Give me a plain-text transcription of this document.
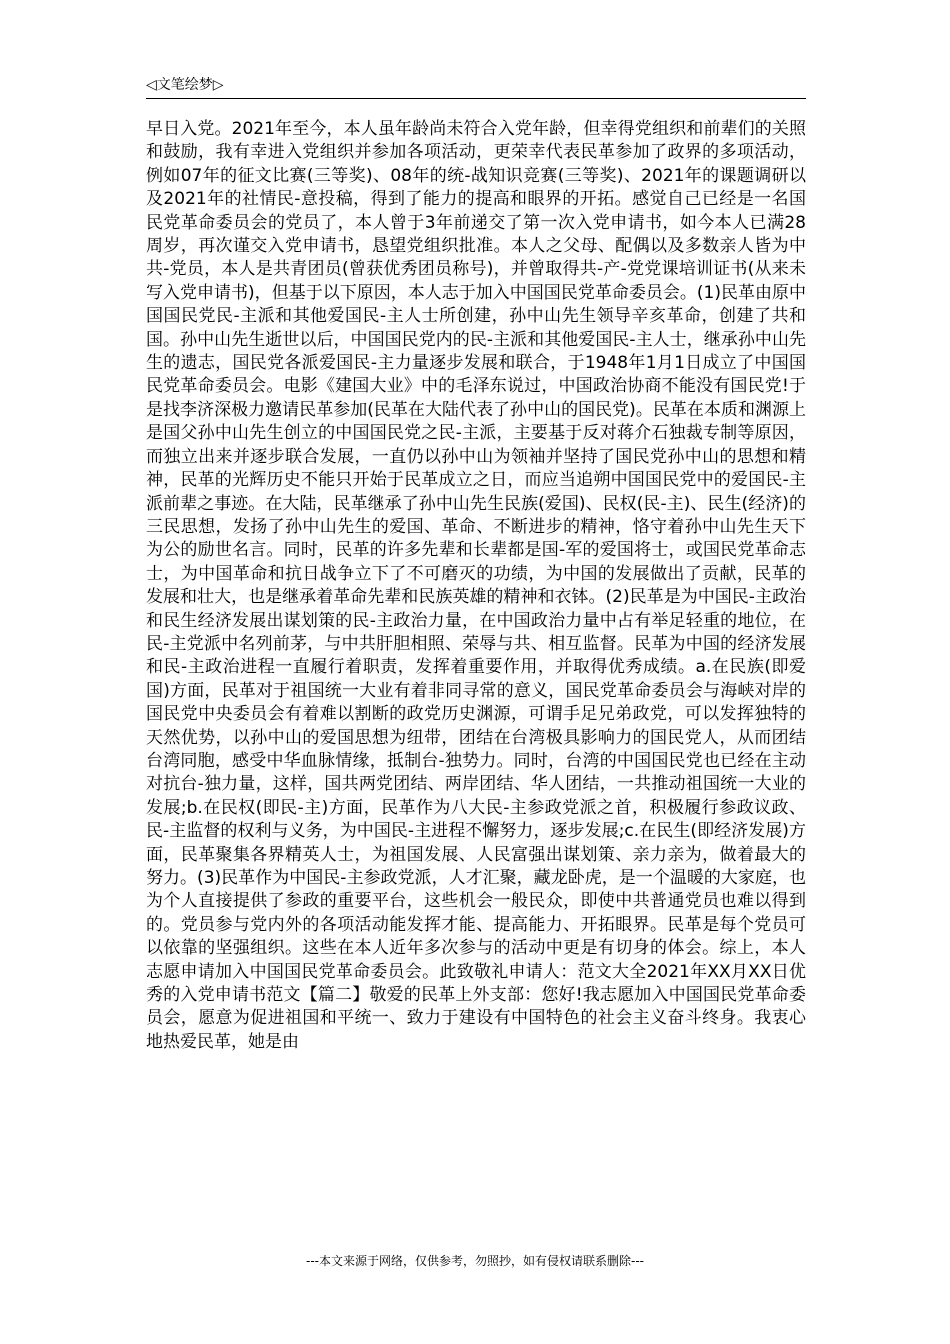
◁文笔绘梦▷
早日入党。2021年至今，本人虽年龄尚未符合入党年龄，但幸得党组织和前辈们的关照和鼓励，我有幸进入党组织并参加各项活动，更荣幸代表民革参加了政界的多项活动，例如07年的征文比赛(三等奖)、08年的统-战知识竞赛(三等奖)、2021年的课题调研以及2021年的社情民-意投稿，得到了能力的提高和眼界的开拓。感觉自己已经是一名国民党革命委员会的党员了，本人曾于3年前递交了第一次入党申请书，如今本人已满28周岁，再次谨交入党申请书，恳望党组织批准。本人之父母、配偶以及多数亲人皆为中共-党员，本人是共青团员(曾获优秀团员称号)，并曾取得共-产-党党课培训证书(从来未写入党申请书)，但基于以下原因，本人志于加入中国国民党革命委员会。(1)民革由原中国国民党民-主派和其他爱国民-主人士所创建，孙中山先生领导辛亥革命，创建了共和国。孙中山先生逝世以后，中国国民党内的民-主派和其他爱国民-主人士，继承孙中山先生的遗志，国民党各派爱国民-主力量逐步发展和联合，于1948年1月1日成立了中国国民党革命委员会。电影《建国大业》中的毛泽东说过，中国政治协商不能没有国民党!于是找李济深极力邀请民革参加(民革在大陆代表了孙中山的国民党)。民革在本质和渊源上是国父孙中山先生创立的中国国民党之民-主派，主要基于反对蒋介石独裁专制等原因，而独立出来并逐步联合发展，一直仍以孙中山为领袖并坚持了国民党孙中山的思想和精神，民革的光辉历史不能只开始于民革成立之日，而应当追朔中国国民党中的爱国民-主派前辈之事迹。在大陆，民革继承了孙中山先生民族(爱国)、民权(民-主)、民生(经济)的三民思想，发扬了孙中山先生的爱国、革命、不断进步的精神，恪守着孙中山先生天下为公的励世名言。同时，民革的许多先辈和长辈都是国-军的爱国将士，或国民党革命志士，为中国革命和抗日战争立下了不可磨灭的功绩，为中国的发展做出了贡献，民革的发展和壮大，也是继承着革命先辈和民族英雄的精神和衣钵。(2)民革是为中国民-主政治和民生经济发展出谋划策的民-主政治力量，在中国政治力量中占有举足轻重的地位，在民-主党派中名列前茅，与中共肝胆相照、荣辱与共、相互监督。民革为中国的经济发展和民-主政治进程一直履行着职责，发挥着重要作用，并取得优秀成绩。a.在民族(即爱国)方面，民革对于祖国统一大业有着非同寻常的意义，国民党革命委员会与海峡对岸的国民党中央委员会有着难以割断的政党历史渊源，可谓手足兄弟政党，可以发挥独特的天然优势，以孙中山的爱国思想为纽带，团结在台湾极具影响力的国民党人，从而团结台湾同胞，感受中华血脉情缘，抵制台-独势力。同时，台湾的中国国民党也已经在主动对抗台-独力量，这样，国共两党团结、两岸团结、华人团结，一共推动祖国统一大业的发展;b.在民权(即民-主)方面，民革作为八大民-主参政党派之首，积极履行参政议政、民-主监督的权利与义务，为中国民-主进程不懈努力，逐步发展;c.在民生(即经济发展)方面，民革聚集各界精英人士，为祖国发展、人民富强出谋划策、亲力亲为，做着最大的努力。(3)民革作为中国民-主参政党派，人才汇聚，藏龙卧虎，是一个温暖的大家庭，也为个人直接提供了参政的重要平台，这些机会一般民众，即使中共普通党员也难以得到的。党员参与党内外的各项活动能发挥才能、提高能力、开拓眼界。民革是每个党员可以依靠的坚强组织。这些在本人近年多次参与的活动中更是有切身的体会。综上，本人志愿申请加入中国国民党革命委员会。此致敬礼申请人：范文大全2021年XX月XX日优秀的入党申请书范文【篇二】敬爱的民革上外支部：您好!我志愿加入中国国民党革命委员会，愿意为促进祖国和平统一、致力于建设有中国特色的社会主义奋斗终身。我衷心地热爱民革，她是由
---本文来源于网络，仅供参考，勿照抄，如有侵权请联系删除---
